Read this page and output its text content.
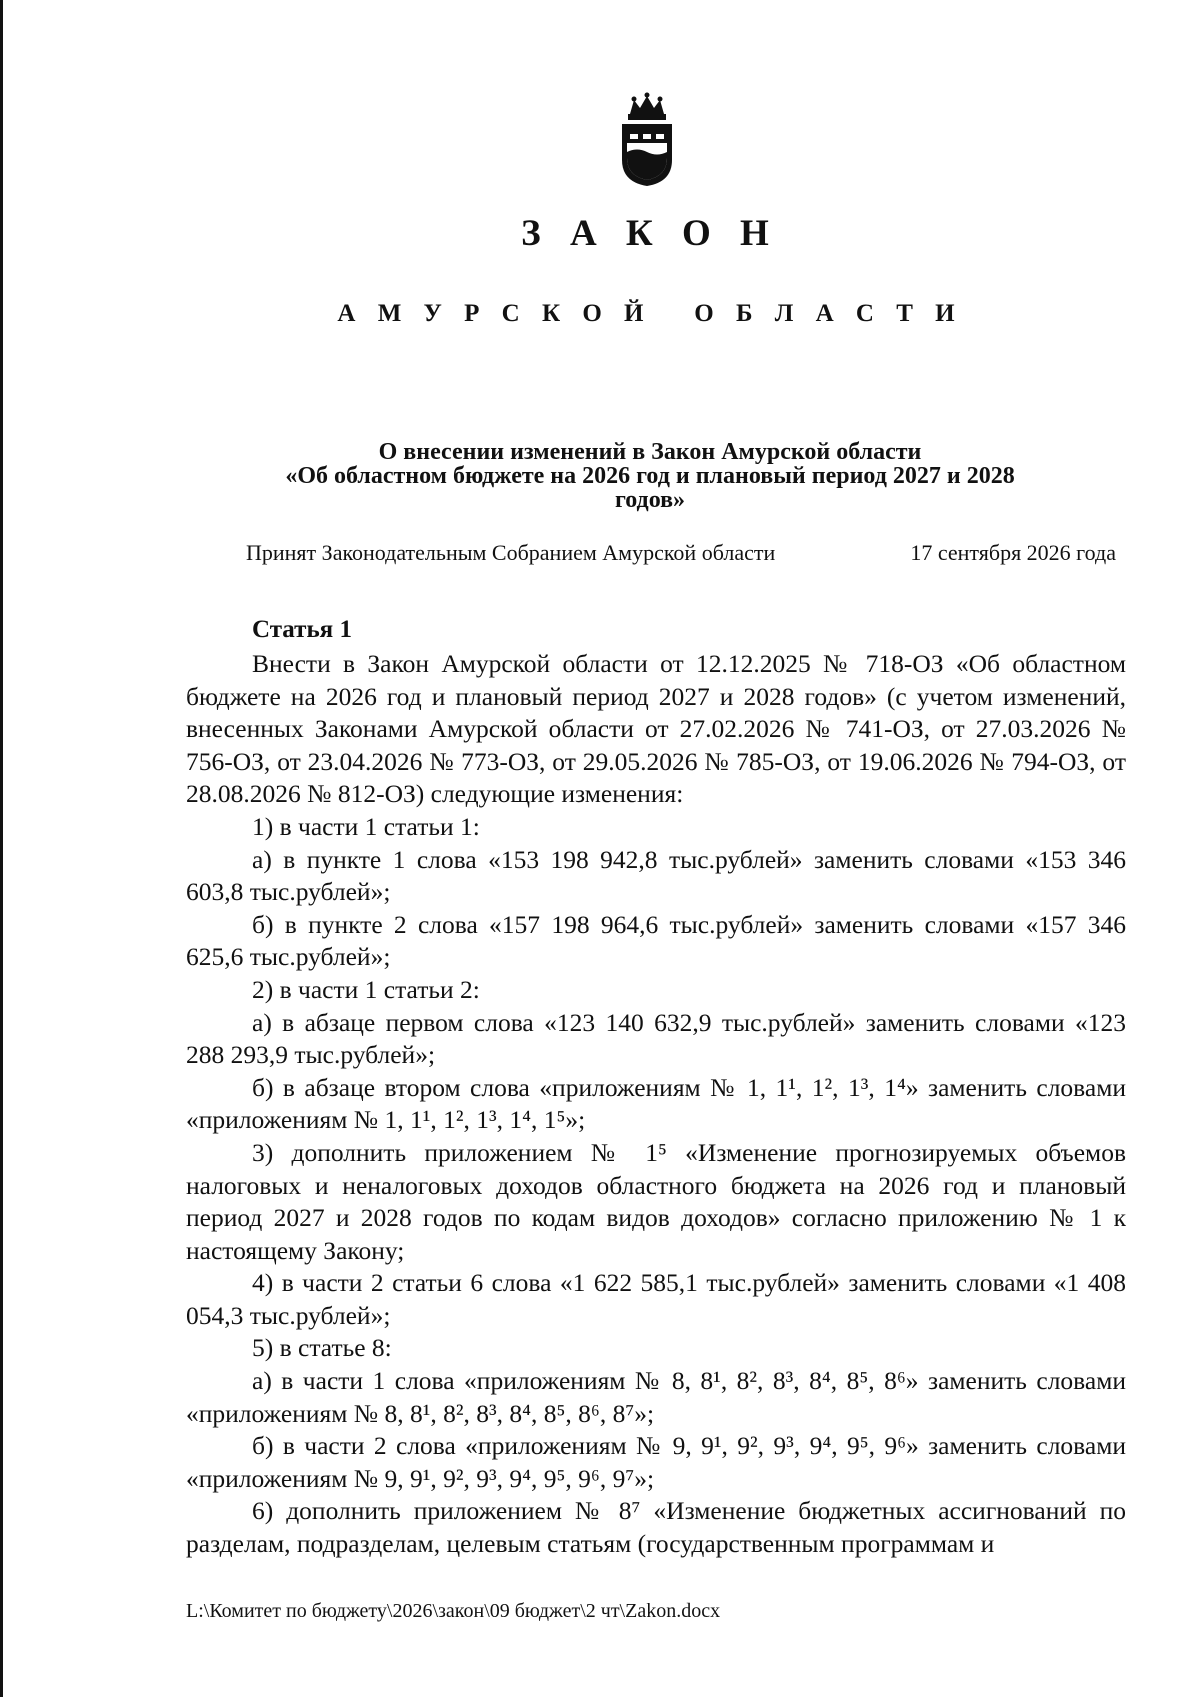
З А К О Н
А М У Р С К О Й   О Б Л А С Т И
О внесении изменений в Закон Амурской области
«Об областном бюджете на 2026 год и плановый период 2027 и 2028
годов»
Принят Законодательным Собранием Амурской области	17 сентября 2026 года
Статья 1

Внести в Закон Амурской области от 12.12.2025 № 718-ОЗ «Об областном бюджете на 2026 год и плановый период 2027 и 2028 годов» (с учетом изменений, внесенных Законами Амурской области от 27.02.2026 № 741-ОЗ, от 27.03.2026 № 756-ОЗ, от 23.04.2026 № 773-ОЗ, от 29.05.2026 № 785-ОЗ, от 19.06.2026 № 794-ОЗ, от 28.08.2026 № 812-ОЗ) следующие изменения:

1) в части 1 статьи 1:

а) в пункте 1 слова «153 198 942,8 тыс.рублей» заменить словами «153 346 603,8 тыс.рублей»;

б) в пункте 2 слова «157 198 964,6 тыс.рублей» заменить словами «157 346 625,6 тыс.рублей»;

2) в части 1 статьи 2:

а) в абзаце первом слова «123 140 632,9 тыс.рублей» заменить словами «123 288 293,9 тыс.рублей»;

б) в абзаце втором слова «приложениям № 1, 1¹, 1², 1³, 1⁴» заменить словами «приложениям № 1, 1¹, 1², 1³, 1⁴, 1⁵»;

3) дополнить приложением № 1⁵ «Изменение прогнозируемых объемов налоговых и неналоговых доходов областного бюджета на 2026 год и плановый период 2027 и 2028 годов по кодам видов доходов» согласно приложению № 1 к настоящему Закону;

4) в части 2 статьи 6 слова «1 622 585,1 тыс.рублей» заменить словами «1 408 054,3 тыс.рублей»;

5) в статье 8:

а) в части 1 слова «приложениям № 8, 8¹, 8², 8³, 8⁴, 8⁵, 8⁶» заменить словами «приложениям № 8, 8¹, 8², 8³, 8⁴, 8⁵, 8⁶, 8⁷»;

б) в части 2 слова «приложениям № 9, 9¹, 9², 9³, 9⁴, 9⁵, 9⁶» заменить словами «приложениям № 9, 9¹, 9², 9³, 9⁴, 9⁵, 9⁶, 9⁷»;

6) дополнить приложением № 8⁷ «Изменение бюджетных ассигнований по разделам, подразделам, целевым статьям (государственным программам и

L:\Комитет по бюджету\2026\закон\09 бюджет\2 чт\Zakon.docx
